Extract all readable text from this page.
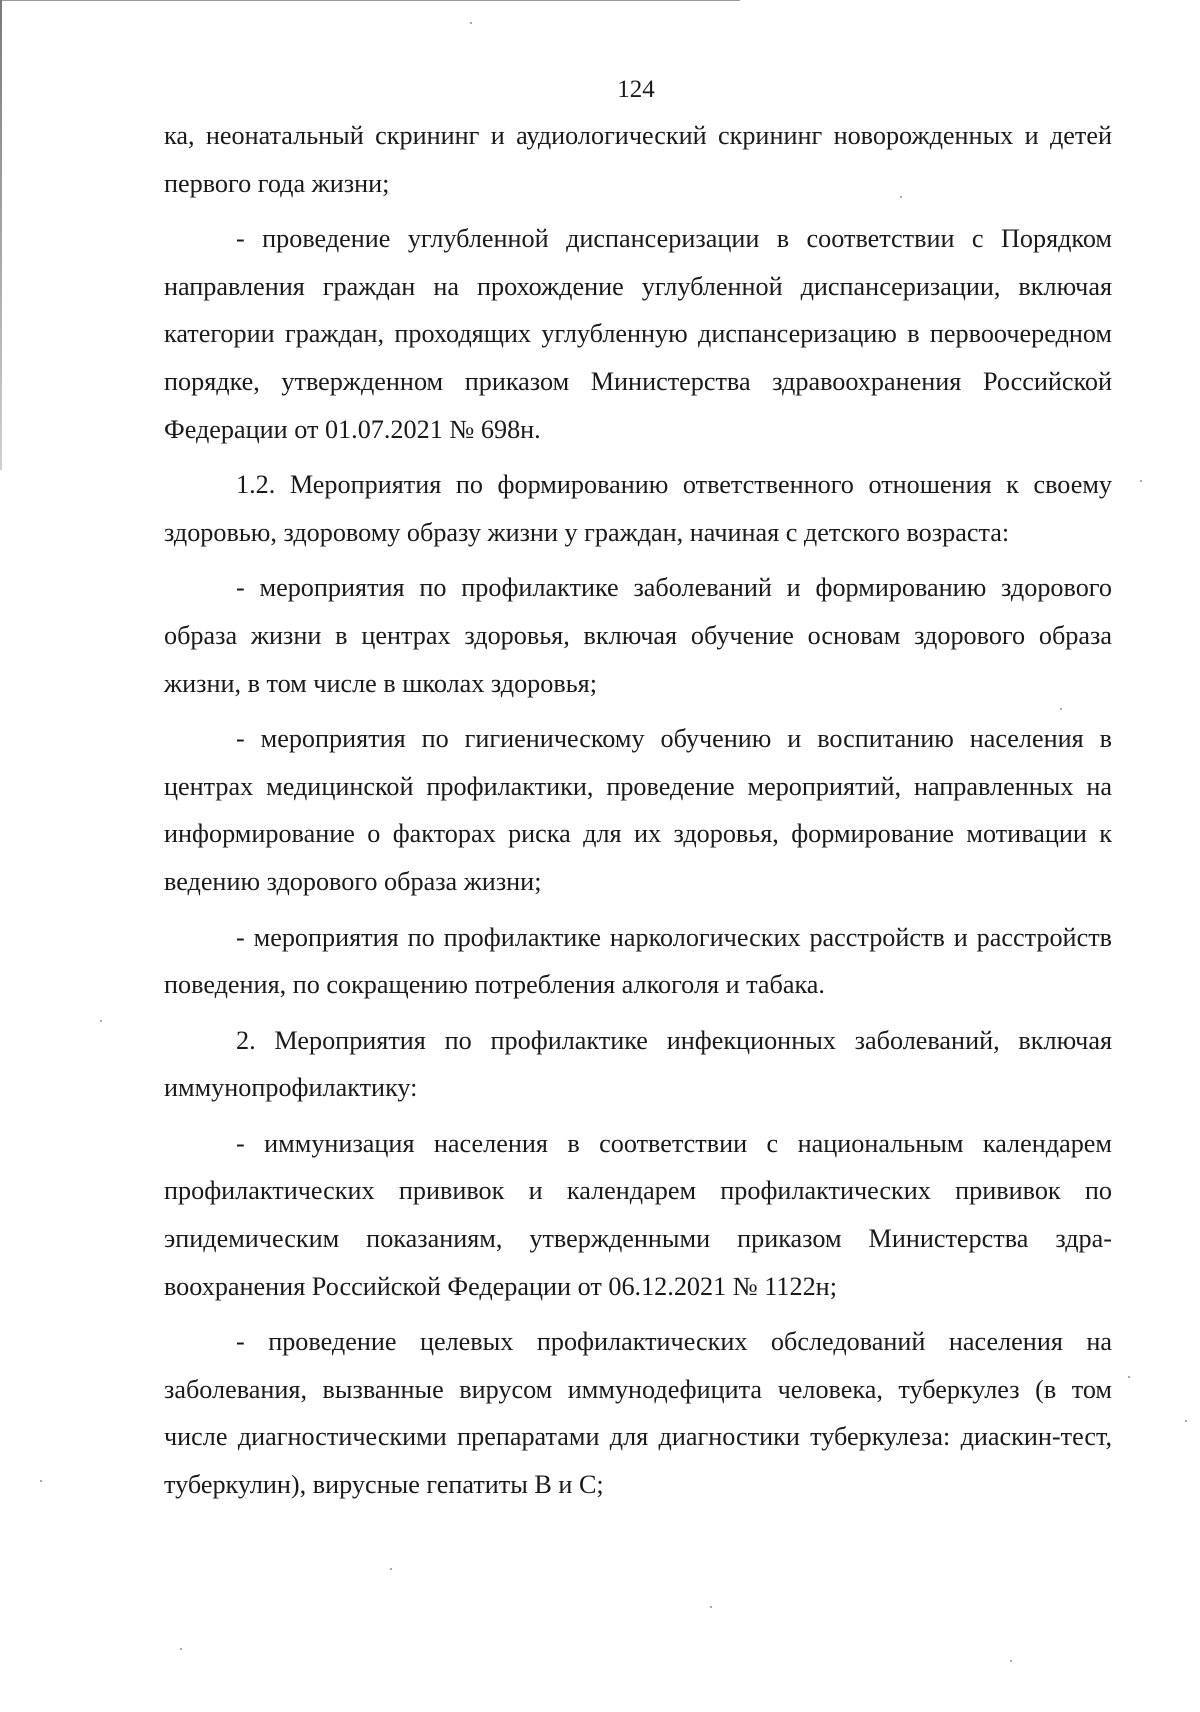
124

ка, неонатальный скрининг и аудиологический скрининг новорожденных и детей первого года жизни;

- проведение углубленной диспансеризации в соответствии с Порядком направления граждан на прохождение углубленной диспансеризации, включая категории граждан, проходящих углубленную диспансеризацию в первоочередном порядке, утвержденном приказом Министерства здравоохранения Российской Федерации от 01.07.2021 № 698н.

1.2. Мероприятия по формированию ответственного отношения к своему здоровью, здоровому образу жизни у граждан, начиная с детского возраста:

- мероприятия по профилактике заболеваний и формированию здорового образа жизни в центрах здоровья, включая обучение основам здорового образа жизни, в том числе в школах здоровья;

- мероприятия по гигиеническому обучению и воспитанию населения в центрах медицинской профилактики, проведение мероприятий, направленных на информирование о факторах риска для их здоровья, формирование мотивации к ведению здорового образа жизни;

- мероприятия по профилактике наркологических расстройств и расстройств поведения, по сокращению потребления алкоголя и табака.

2. Мероприятия по профилактике инфекционных заболеваний, включая иммунопрофилактику:

- иммунизация населения в соответствии с национальным календарем профилактических прививок и календарем профилактических прививок по эпидемическим показаниям, утвержденными приказом Министерства здравоохранения Российской Федерации от 06.12.2021 № 1122н;

- проведение целевых профилактических обследований населения на заболевания, вызванные вирусом иммунодефицита человека, туберкулез (в том числе диагностическими препаратами для диагностики туберкулеза: диаскин-тест, туберкулин), вирусные гепатиты В и С;
